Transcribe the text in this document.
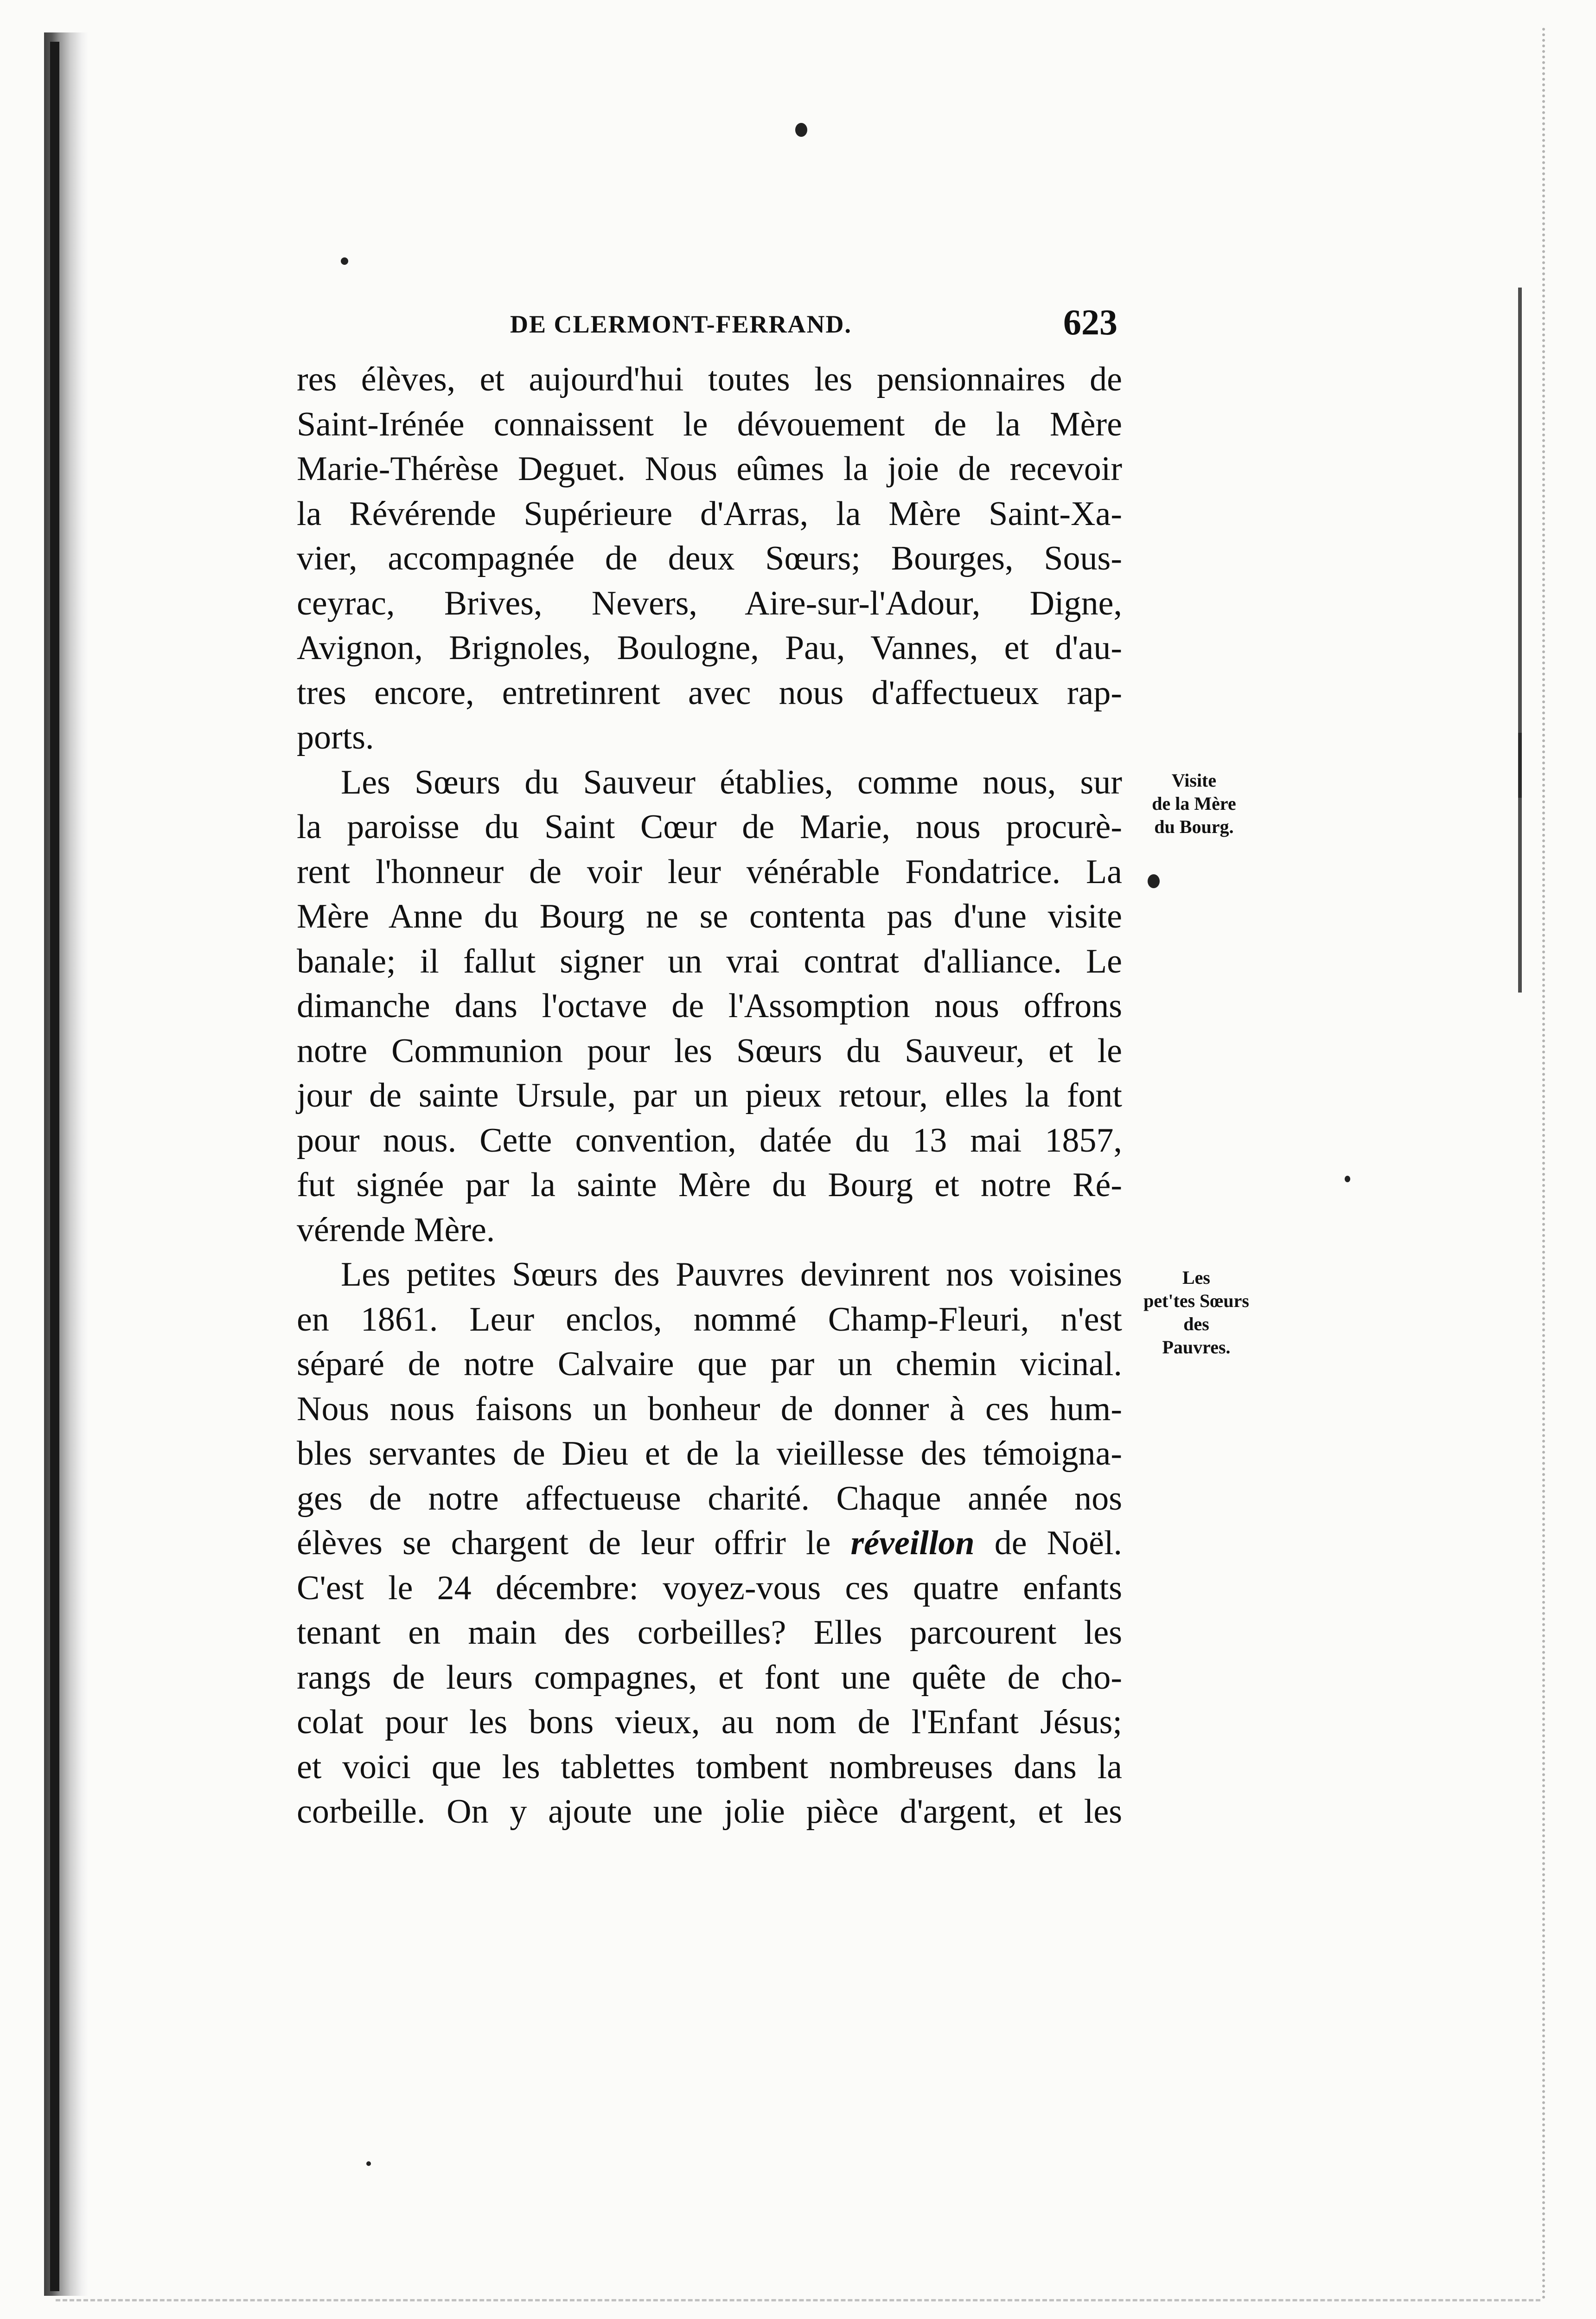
DE CLERMONT-FERRAND.	623
res élèves, et aujourd'hui toutes les pensionnaires de
Saint-Irénée connaissent le dévouement de la Mère
Marie-Thérèse Deguet. Nous eûmes la joie de recevoir
la Révérende Supérieure d'Arras, la Mère Saint-Xa-
vier, accompagnée de deux Sœurs; Bourges, Sous-
ceyrac, Brives, Nevers, Aire-sur-l'Adour, Digne,
Avignon, Brignoles, Boulogne, Pau, Vannes, et d'au-
tres encore, entretinrent avec nous d'affectueux rap-
ports.
Les Sœurs du Sauveur établies, comme nous, sur
la paroisse du Saint Cœur de Marie, nous procurè-
rent l'honneur de voir leur vénérable Fondatrice. La
Mère Anne du Bourg ne se contenta pas d'une visite
banale; il fallut signer un vrai contrat d'alliance. Le
dimanche dans l'octave de l'Assomption nous offrons
notre Communion pour les Sœurs du Sauveur, et le
jour de sainte Ursule, par un pieux retour, elles la font
pour nous. Cette convention, datée du 13 mai 1857,
fut signée par la sainte Mère du Bourg et notre Ré-
vérende Mère.
Les petites Sœurs des Pauvres devinrent nos voisines
en 1861. Leur enclos, nommé Champ-Fleuri, n'est
séparé de notre Calvaire que par un chemin vicinal.
Nous nous faisons un bonheur de donner à ces hum-
bles servantes de Dieu et de la vieillesse des témoigna-
ges de notre affectueuse charité. Chaque année nos
élèves se chargent de leur offrir le réveillon de Noël.
C'est le 24 décembre: voyez-vous ces quatre enfants
tenant en main des corbeilles? Elles parcourent les
rangs de leurs compagnes, et font une quête de cho-
colat pour les bons vieux, au nom de l'Enfant Jésus;
et voici que les tablettes tombent nombreuses dans la
corbeille. On y ajoute une jolie pièce d'argent, et les
Visite
de la Mère
du Bourg.
Les
pet'tes Sœurs
des
Pauvres.
